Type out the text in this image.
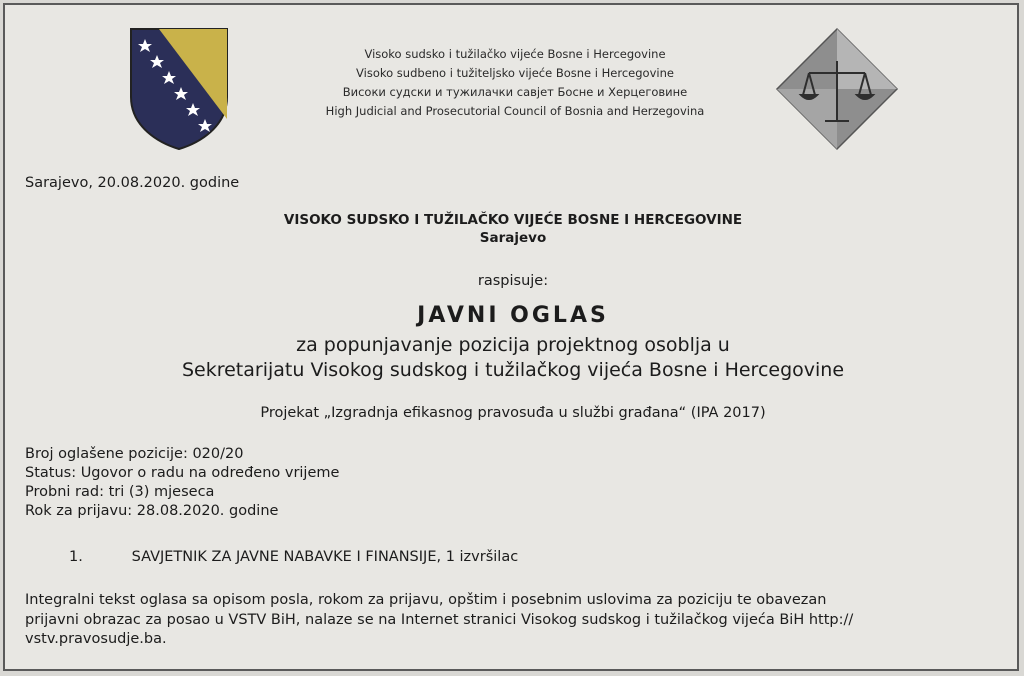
Visoko sudsko i tužilačko vijeće Bosne i Hercegovine
Visoko sudbeno i tužiteljsko vijeće Bosne i Hercegovine
Високи судски и тужилачки савјет Босне и Херцеговине
High Judicial and Prosecutorial Council of Bosnia and Herzegovina
Sarajevo, 20.08.2020. godine
VISOKO SUDSKO I TUŽILAČKO VIJEĆE BOSNE I HERCEGOVINE
Sarajevo
raspisuje:
JAVNI OGLAS
za popunjavanje pozicija projektnog osoblja u
Sekretarijatu Visokog sudskog i tužilačkog vijeća Bosne i Hercegovine
Projekat „Izgradnja efikasnog pravosuđa u službi građana“ (IPA 2017)
Broj oglašene pozicije: 020/20
Status: Ugovor o radu na određeno vrijeme
Probni rad: tri (3) mjeseca
Rok za prijavu: 28.08.2020. godine
1.	SAVJETNIK ZA JAVNE NABAVKE I FINANSIJE, 1 izvršilac
Integralni tekst oglasa sa opisom posla, rokom za prijavu, opštim i posebnim uslovima za poziciju te obavezan
prijavni obrazac za posao u VSTV BiH, nalaze se na Internet stranici Visokog sudskog i tužilačkog vijeća BiH http://
vstv.pravosudje.ba.
